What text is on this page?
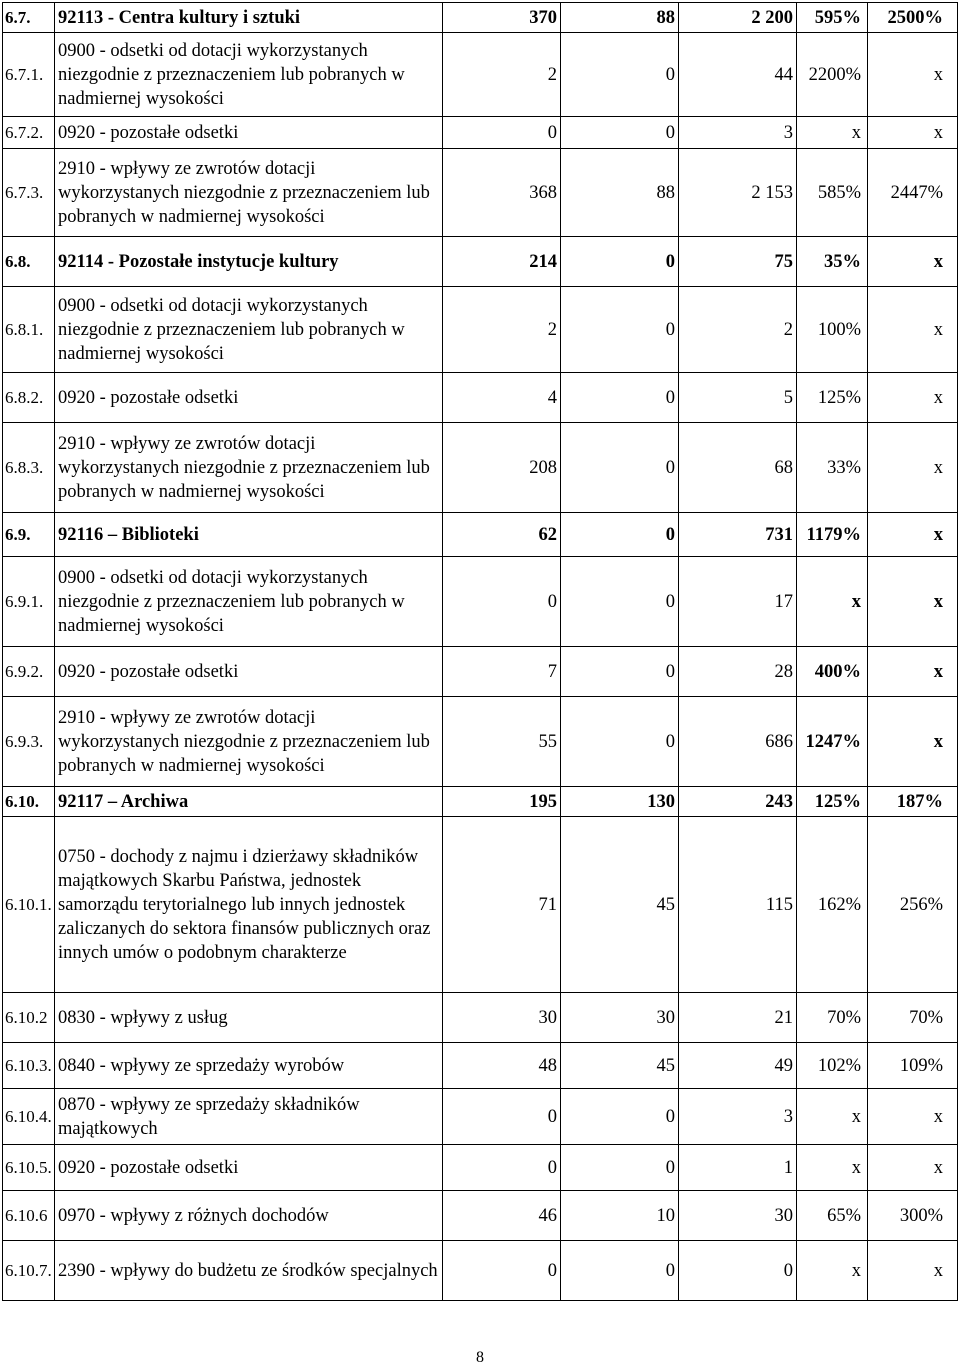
6.7.	92113 - Centra kultury i sztuki	370	88	2 200	595%	2500%
6.7.1.	0900 - odsetki od dotacji wykorzystanych niezgodnie z przeznaczeniem lub pobranych w nadmiernej wysokości	2	0	44	2200%	x
6.7.2.	0920 - pozostałe odsetki	0	0	3	x	x
6.7.3.	2910 - wpływy ze zwrotów dotacji wykorzystanych niezgodnie z przeznaczeniem lub pobranych w nadmiernej wysokości	368	88	2 153	585%	2447%
6.8.	92114 - Pozostałe instytucje kultury	214	0	75	35%	x
6.8.1.	0900 - odsetki od dotacji wykorzystanych niezgodnie z przeznaczeniem lub pobranych w nadmiernej wysokości	2	0	2	100%	x
6.8.2.	0920 - pozostałe odsetki	4	0	5	125%	x
6.8.3.	2910 - wpływy ze zwrotów dotacji wykorzystanych niezgodnie z przeznaczeniem lub pobranych w nadmiernej wysokości	208	0	68	33%	x
6.9.	92116 – Biblioteki	62	0	731	1179%	x
6.9.1.	0900 - odsetki od dotacji wykorzystanych niezgodnie z przeznaczeniem lub pobranych w nadmiernej wysokości	0	0	17	x	x
6.9.2.	0920 - pozostałe odsetki	7	0	28	400%	x
6.9.3.	2910 - wpływy ze zwrotów dotacji wykorzystanych niezgodnie z przeznaczeniem lub pobranych w nadmiernej wysokości	55	0	686	1247%	x
6.10.	92117 – Archiwa	195	130	243	125%	187%
6.10.1.	0750 - dochody z najmu i dzierżawy składników majątkowych Skarbu Państwa, jednostek samorządu terytorialnego lub innych jednostek zaliczanych do sektora finansów publicznych oraz innych umów o podobnym charakterze	71	45	115	162%	256%
6.10.2	0830 - wpływy z usług	30	30	21	70%	70%
6.10.3.	0840 - wpływy ze sprzedaży wyrobów	48	45	49	102%	109%
6.10.4.	0870 - wpływy ze sprzedaży składników majątkowych	0	0	3	x	x
6.10.5.	0920 - pozostałe odsetki	0	0	1	x	x
6.10.6	0970 - wpływy z różnych dochodów	46	10	30	65%	300%
6.10.7.	2390 - wpływy do budżetu ze środków specjalnych	0	0	0	x	x
8
